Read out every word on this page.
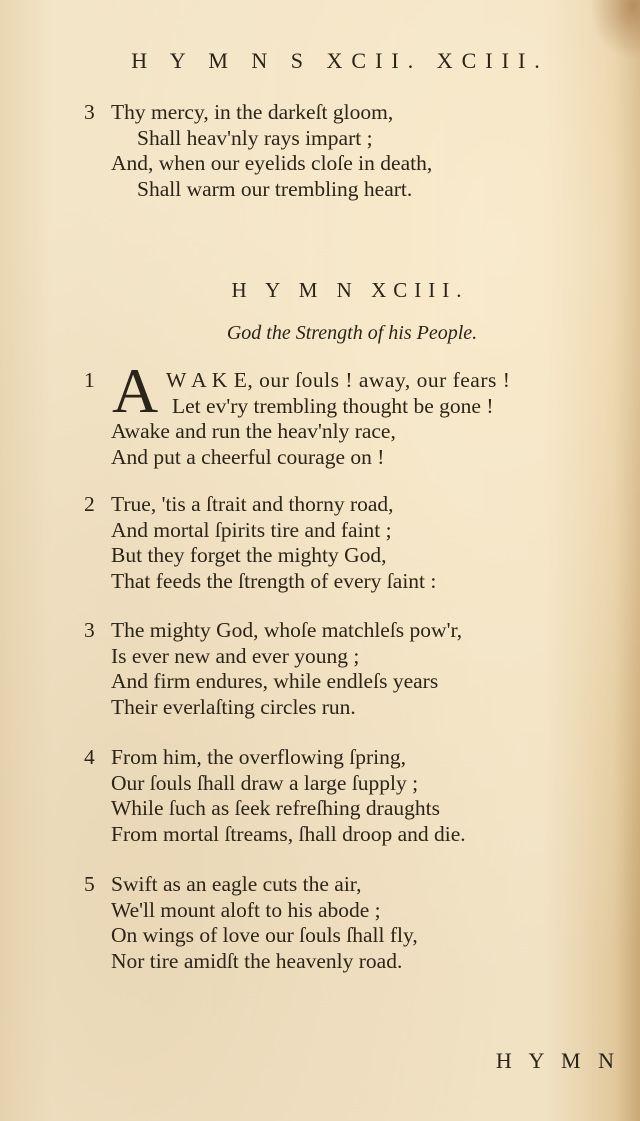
H Y M N S XCII. XCIII.
3 Thy mercy, in the darkeſt gloom,
Shall heav'nly rays impart ;
And, when our eyelids cloſe in death,
Shall warm our trembling heart.
H Y M N XCIII.
God the Strength of his People.
A
1	W A K E, our ſouls ! away, our fears !
Let ev'ry trembling thought be gone !
Awake and run the heav'nly race,
And put a cheerful courage on !
2 True, 'tis a ſtrait and thorny road,
And mortal ſpirits tire and faint ;
But they forget the mighty God,
That feeds the ſtrength of every ſaint :
3 The mighty God, whoſe matchleſs pow'r,
Is ever new and ever young ;
And firm endures, while endleſs years
Their everlaſting circles run.
4 From him, the overflowing ſpring,
Our ſouls ſhall draw a large ſupply ;
While ſuch as ſeek refreſhing draughts
From mortal ſtreams, ſhall droop and die.
5 Swift as an eagle cuts the air,
We'll mount aloft to his abode ;
On wings of love our ſouls ſhall fly,
Nor tire amidſt the heavenly road.
H Y M N
